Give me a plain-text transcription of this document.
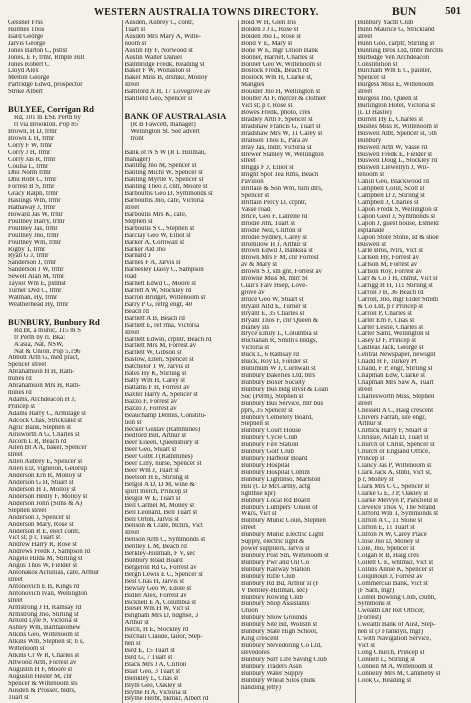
WESTERN AUSTRALIA TOWNS DIRECTORY.	BUN	501
Gessner Frss
Holmes Thos
Isard George
Jarvis George
Jones Barton C, pstlst
Jones, E F, frmr, Rmpte Hill
Jones Robert C
Lloyd Alex
Melbin George
Partridge Edwd, prospector
Strike Albert
BULYEE, Corrigan Rd
Rd, 101 m ESE Perth by
rl via Brookton. Pop 85
Brown, H D, frmr
Brown L H, frmr
Corry F W, frmr
Corry J H, frmr
Corry Jas R, frmr
Coulsa L, frmr
Dhu Norm frmr
Dhu Robt C, frmr
Forrest B S, frmr
Gracy Ralph, frmr
Hastings Wm, frmr
Hathaway J, frmr
Howard Jas W, frmr
Poultney Harry, frmr
Poultney Jas, frmr
Poultney Jno, frmr
Poultney Wm, frmr
Rigby T, frmr
Ryan G J, frmr
Sanderson J, frmr
Sanderson J W, frmr
Sewell Alan M, frmr
Taylor Wm E, pstmst
Turner Dvd C, frmr
Watman, Hy, frmr
Weatherhead Hy, frmr
BUNBURY, Bunbury Rd
Rd Bt, a munic, 115 m S
fr Perth by rl. Bka:
A'asia, Nat, NSW,
Nat & Union. Pop 5,196
Abbott Arth G, med pract,
Spencer street
Abrahamson H H, Rath-
mines rd
Abrahamson Mrs H, Rath-
mines rd
Adams, Archdeacon H J,
Princep st
Adams Harry C, Armitage st
Adcock Chas, Strickland st
Agric Bank, Stephen st
Ainsworth A G, Charles st
Alcorn L R, Beach rd
Allen Bt A A, baker, Spencer
street
Allen Aubrey E, Spencer st
Allen Elz, vigneron, Gelorup
Anderson Ern R, Molloy st
Anderson G H, Stuart st
Anderson H T, Molloy st
Anderson Hedly F, Molloy st
Anderson John (Sims & A)
Stephen street
Anderson J, Spencer st
Anderson Mary, Rose st
Anderson R E, elect contr,
Vict st; p r, Tuart st
Andrew Harry R, Rose st
Andrews Fredk J, Sampson rd
Angelo Hilda M, Stirling st
Angus Thos W, Fielder st
Antonakos Achillias, cafe, Arthur
street
Antonovich E B, Kings rd
Antonovich Ivan, Wellington
street
Armstrong J H, Ramsay rd
Armstrong Jno, Stirling st
Arnold Lyle S, Victoria st
Ashley Wm, Barthalomew
Atkins Geo, Wittenoom st
Atkins Wm, Stephen st; h s,
Wittenoom st
Atkins Cr W R, Charles st
Attwood Arth, Forrest av
Augustin H F, Moore st
Augustin Hester M, cnr
Spencer & Wittenoom sts
Ausden & Prosser, bldrs,
Tuart st
Ausden, Aubrey C, contr,
Tuart st
Ausden Mrs Mary A, Witte-
noom st
Austin Hy F, Norwood st
Austin Walter Daniel
Bainbridge Fredk, Reading st
Baker F W, Wollaston st
Baker Miss B, drsmkr, Molloy
street
Bamford A H, 17 Lovegrove av
Banfield Geo, Spencer st
BANK OF AUSTRALASIA
(R B Fawcett, manager)
Wellington St. See advert
front
Bank of N S W (R L Hillman,
manager)
Banting Jno M, Spencer st
Banting Michl W, Spencer st
Banting Myrtle V, Spencer st
Banting Theo J, cntr, Moore st
Barbouttis Geo D, Symmonds st
Barbouttis Jno, cafe, Victoria
street
Barboutis Mrs K, cafe,
Stephen st
Barboutis S C, Stephen st
Barclay Geo W, Elliot st
Barker A, Cornwall st
Barker Ald Jno
Barnard J
Barnes F A, Jarvis st
Barnesley Daisy C, Sampson
road
Barnett Edwd C, Moore st
Barrett A W, Stockley rd
Barron Bridget, Wittenoom st
Barry P G, refrg engr, 40
Beach rd
Bartlett A B, Beach rd
Bartlett E, ref rma, Victoria
street
Bartlett Edwin, crpntr, Beach rd
Bartlett Mrs M, Forrest av
Bartlett W, Gibson st
Bastow, Ellen, Spencer st
Batchelor T W, Jarvis st
Bates Hy K, Stirling st
Batty Wm H, Carey st
Battams F H, Forrest av
Baxter Harry A, Spencer st
Bazzo F, Forrest av
Bazzo J, Forrest av
Beauchamp Dennis, Constitu-
tion st
Becker Gustav (Rathmines)
Bedford Bill, Arthur st
Beer Eileen, Queensbury st
Beer Geo, Stuart st
Beer Gilbt J (Rathmines)
Beer Lilly, nurse, Spencer st
Beer Wm J, Tuart st
Beetson H E, Stirling st
Belgol A D, D M, wine &
spirit merch, Princep st
Belgol W E, Tuart st
Bell Carmel M, Money st
Bell Leonard, Bell Tuart st
Bell Orton, Jarvis st
Benson & Crate, btchrs, Vict
street
Benson Arth C, Symmonds st
Bentley L M, Beach rd
Berkley-Hillman, F V, sec
Bunbury Road Board
Bergeron Rd G, Forrest av
Bergh Lewis E C, Spencer st
Best Chas H, Jarvis st
Bewlay Geo W, Edole st
Bidler Alex, Forrest av
Bicknell E A, Columbia st
Biesel Wm H W, Vict st
Bingham Mrs D, hdghse, 3
Arthur st
Birch, H E, Stockley rd
Birchall Claude, tailor, Step-
hen st
Bird E, 15 Tuart st
Bird G, 7 Tuart st
Black Mrs J A, Clifton
Blair Geo, 3 Tuart st
Blenkley L, Chas st
Blyth Geo, Oakley st
Blythe H A, Victoria st
Blythe Herbt, bkmkr, Albert rd
Bold W H, Glen Iris
Bolden J J L, Rose st
Bolden Jno L, Rose st
Bond V E, Mary st
Bone W E, mgr Union Bank
Bonner, Harriet, Charles st
Bonner Geo W, Wittenoom st
Bostock Fredk, Beach rd
Bostock Wm H, Clarke st,
Mangles
Boulder Jno H, Wellington st
Boulter Al F, mercer & clothier
Vict st; p r, Rose st
Bowes Fredk, photo, cres
Bradley Arth F, Spencer st
Bradshaw Francis G, Tuart st
Bradshaw Mrs W, 11 Carey st
Branson Thos E, Para av
Bray Jas, lndlr, Victoria st
Brewer Stanley W, Wellington
street
Briggs F J, Elliot st
Bright Spot Tea Rms, Beach
Pavilion
Brittain & Son Wm, furn dlrs,
Spencer st
Brittain Percy D, crpntr,
Vasse road
Brice, Geo F, Latrelle rd
Brodie Jim, Tuart st
Brodie Neil, Clifton st
Brodie Sydney, Carey st
Bromilow H J, Arthur st
Brown Edwd J, Banksia st
Brown Mrs F M, cnr Forrest
av & Mary st
Brown S J, sm gnr, Forrest av
Browne Miss M, mlrr St
Clair's Faiv Hsep, Love-
grove av
Bruce Geo W, Stuart st
Bryant Alfd E, Turner st
Bryant E, 35 Charles st
Bryant Thos F, cnr Queen &
Blaney sts
Bryce Emily L, Columbia st
Buchanan R, Smith's Bldgs,
Victoria st
Buck L, 6 Ramsay rd
Buick, Roy D, Fielder st
Bullimum W J, Cornwall st
Bunbury Bakeries Ltd, btrs
Bunbury Boxer Society
Bunbury Bus Bdg Invst & Loan
Soc (Perm), Stephen st
Bunbury Bus Service, mtr bus
pprs, 35 Spencer st
Bunbury Cemetery Board,
Stephen st
Bunbury Court House
Bunbury Cycle Club
Bunbury Fire Station
Bunbury Golf Club
Bunbury Harbour Board
Bunbury Hospital
Bunbury Hospital Comm
Bunbury Lightinso, Marlston
Hill (C D McCarthy, actg
lighthse kpr)
Bunbury Local Rd Board
Bunbury Lumpers' Union of
Wkrs, Vict st
Bunbury Munic Coun, Stephen
street
Bunbury Munic Electric Light
Supply, electric light &
power suppliers, Jarvis st
Bunbury Post Stn, Wittenoom st
Bunbury Pwr and Oil Co
Bunbury Railway Station
Bunbury Rifle Club
Bunbury Rd Bd, Arthur st (F
V Bentley-Hillman, sec)
Bunbury Rowing Club
Bunbury Shop Assistants'
Union
Bunbury Show Grounds
Bunbury Site Bd, Wollstn st
Bunbury State High School,
King crescent
Bunbury Stevedoring Co Ltd,
stevedores
Bunbury Surf Life Saving Club
Bunbury Traders Assn
Bunbury Water Supply
Bunbury Wheat Silos (bulk
handling jetty)
Bunbury Yacht Club
Bunn Maurice G, Strickland
street
Bunn Geo, carptr, Stirling st
Bunning Bros Ltd, tmbr mrchts
Burbidge Ven Archdeacon
Constitution st
Burcham Wm E C, painter,
Spencer st
Burgess Miss E, Wittenoom
street
Burgess Jno, Queen st
Burlington Hotel, Victoria st
(L D Hastie)
Burrell Hy E, Charles st
Bushes Miss R, Wittenoom st
Buswell Albt, Spencer st, 5th
Bunbury
Buswell Arth W, Vasse rd
Buswell Fredk E, Fielder st
Buswell Doug L, Stockley rd
Buswell Llewellyn J, Wit-
tenoom st
Cahill Geo, Blackwood rd
Campbell Colin, Scott st
Campbell D J, Stirling st
Campbell J, Charles st
Capon Fredk S, Wellington st
Capon Geof J, Symmonds st
Capon J, guest house, Esmeld
esplanade
Capon Store Stone, Id & shoe
Buswell st
Carle Bros, lvlrs, Vict st
Carlson Hy, Forrest av
Carlson M, Forrest av
Carlson Roy, Forrest av
Carr & Co J H, chmst, Vict st
Carrigg H H, 111 Stirling st
Carroll J B, 36 Beach rd
Carroll, Jno, mgr Elder Smith
& Co Ltd, p r Princep st
Carroll P, Charles st
Carter Ern F, Chas st
Carter Leslie, Charles st
Carter Saml, Wellington st
Casey D F, Princep st
Castleas Jack, George st
Central Newspaper, newsgnt
Chadd H F, Turkey Pt
Chadd, F P, engr, Stirling st
Chapman Edw, Clarke st
Chapman Mrs Saw A, Tuart
street
Charlesworth Miss, Stephen
street
Chessell A C, Haig crescent
Chivers Farrah, site engr,
Arthur st
Chittick Harry F, Stuart st
Chrissie, Allan D, Tuart st
Church of Christ, Spencer st
Church of England Office,
Princep st
Clancy Jas P, Wittenoom st
Clark Jack A, stnbl, Vict st,
p r, Money st
Clark Mrs C C, Spencer st
Clarke G E, J P, Oakley st
Clarke Mervyn P, Parkfield st
Clevelce Thos V, The Strand
Clifford Wm T, Symmonds st
Clifton A C, 11 Stone st
Clifton E, 11 Tuart st
Clifton N W, Carey Place
Close Jno D, Money st
Cole, Jno, Spencer st
Colgan R B, Haig cres
Collett C E, whlmkr, Vict st
Collins Annie K, Spencer st
Colquhoun J, Forrest av
Commercial Bank, Vict st
(F Sarn, mgr)
Comel Bowling Club, clubh,
Symmons st
Cwealth Dir Ret Officer,
(Forrest)
Cwealth Bank of Aust, Step-
hen st (J Franklyn, mgr)
C'wlth Navigation Service,
Vict st
Cong Church, Princep st
Connell L, Stirling st
Connell M A, Wittenoom st
Connelly Mrs M, Cammeby st
Cook G, Reading st
